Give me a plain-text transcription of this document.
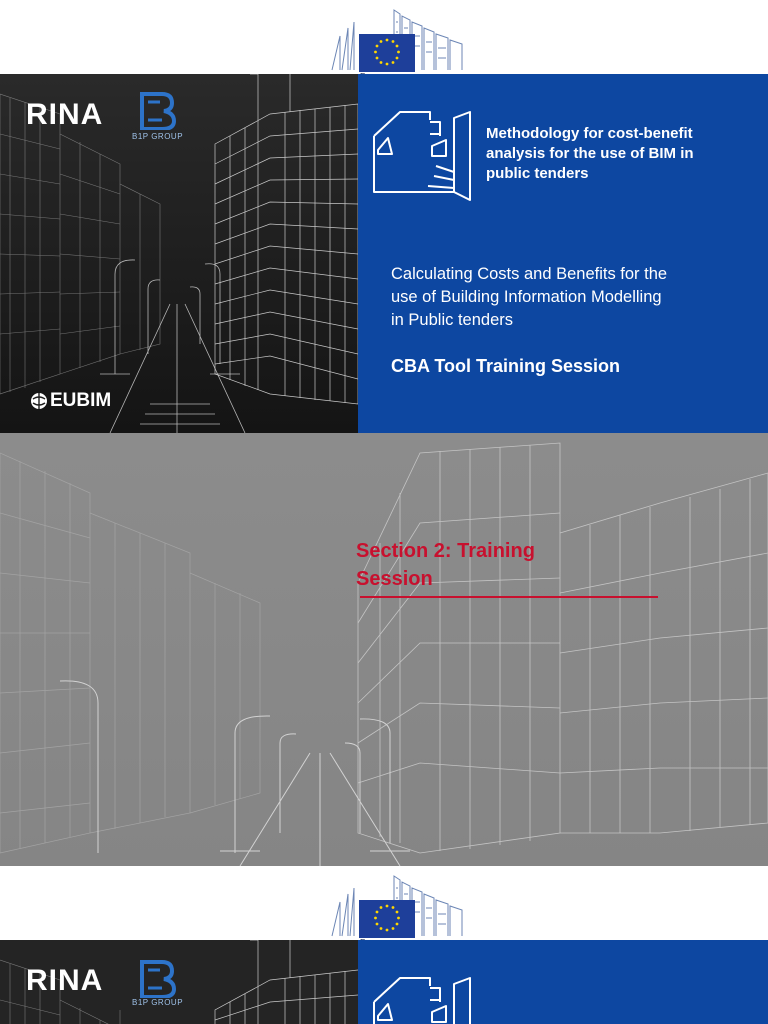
RINA
B1P GROUP
EUBIM
Methodology for cost-benefit
analysis for the use of BIM in
public tenders
Calculating Costs and Benefits for the
use of Building Information Modelling
in Public tenders
CBA Tool Training Session
Section 2: Training
Session
RINA
B1P GROUP
